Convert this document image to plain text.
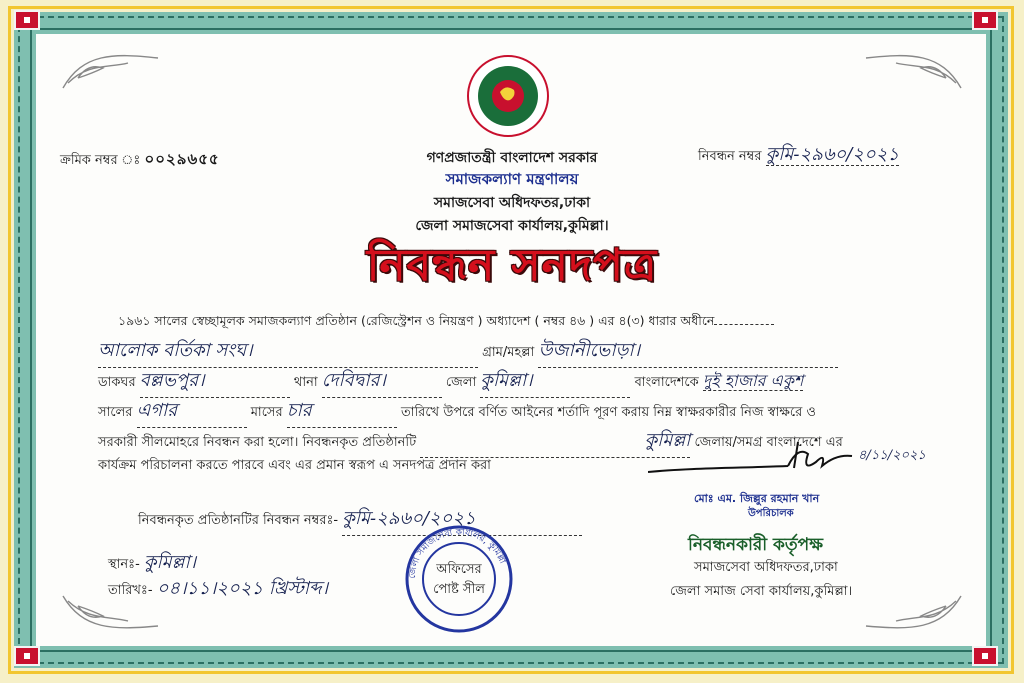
ক্রমিক নম্বর ঃ ০০২৯৬৫৫	নিবন্ধন নম্বর কুমি-২৯৬০/২০২১
গণপ্রজাতন্ত্রী বাংলাদেশ সরকার
সমাজকল্যাণ মন্ত্রণালয়
সমাজসেবা অধিদফতর,ঢাকা
জেলা সমাজসেবা কার্যালয়,কুমিল্লা।
নিবন্ধন সনদপত্র
১৯৬১ সালের স্বেচ্ছামূলক সমাজকল্যাণ প্রতিষ্ঠান (রেজিস্ট্রেশন ও নিয়ন্ত্রণ ) অধ্যাদেশ ( নম্বর ৪৬ ) এর ৪(৩) ধারার অধীনে
আলোক বর্তিকা সংঘ।	গ্রাম/মহল্লা উজানীভোড়া।
ডাকঘর বল্লভপুর।	থানা দেবিদ্বার।	জেলা কুমিল্লা।	বাংলাদেশকে দুই হাজার একুশ
সালের এগার	মাসের চার	তারিখে উপরে বর্ণিত আইনের শর্তাদি পূরণ করায় নিম্ন স্বাক্ষরকারীর নিজ স্বাক্ষরে ও
সরকারী সীলমোহরে নিবন্ধন করা হলো। নিবন্ধনকৃত প্রতিষ্ঠানটি	কুমিল্লা জেলায়/সমগ্র বাংলাদেশে এর
কার্যক্রম পরিচালনা করতে পারবে এবং এর প্রমান স্বরূপ এ সনদপত্র প্রদান করা
৪/১১/২০২১
মোঃ এম. জিল্লুর রহমান খান
উপরিচালক
নিবন্ধনকৃত প্রতিষ্ঠানটির নিবন্ধন নম্বরঃ- কুমি-২৯৬০/২০২১
নিবন্ধনকারী কর্তৃপক্ষ
সমাজসেবা অধিদফতর,ঢাকা
জেলা সমাজ সেবা কার্যালয়,কুমিল্লা।
স্থানঃ- কুমিল্লা।
তারিখঃ- ০৪।১১।২০২১ খ্রিস্টাব্দ।
জেলা সমাজসেবা কার্যালয়, কুমিল্লা
অফিসের
পোষ্ট সীল
